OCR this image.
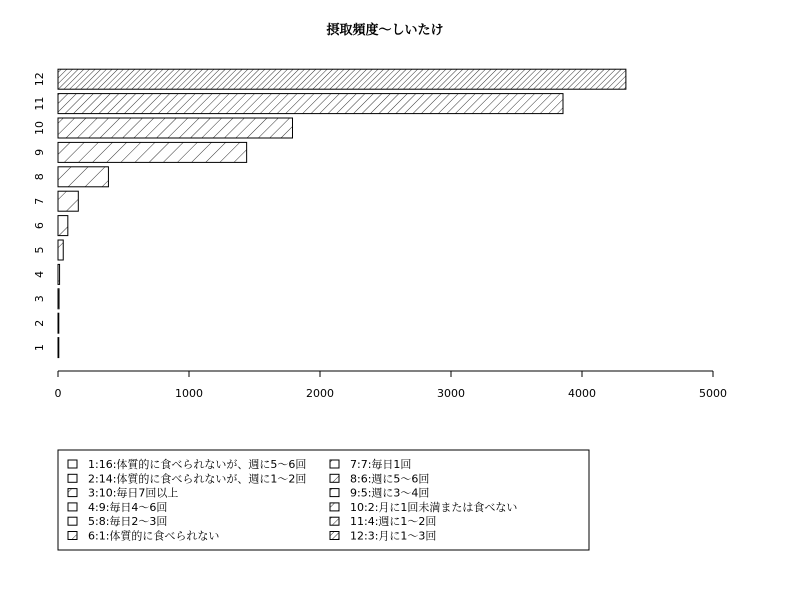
摂取頻度〜しいたけ
1
2
3
4
5
6
7
8
9
10
11
12
0	1000	2000	3000	4000	5000
1:16:体質的に食べられないが、週に5〜6回
2:14:体質的に食べられないが、週に1〜2回
3:10:毎日7回以上
4:9:毎日4〜6回
5:8:毎日2〜3回
6:1:体質的に食べられない
7:7:毎日1回
8:6:週に5〜6回
9:5:週に3〜4回
10:2:月に1回未満または食べない
11:4:週に1〜2回
12:3:月に1〜3回
